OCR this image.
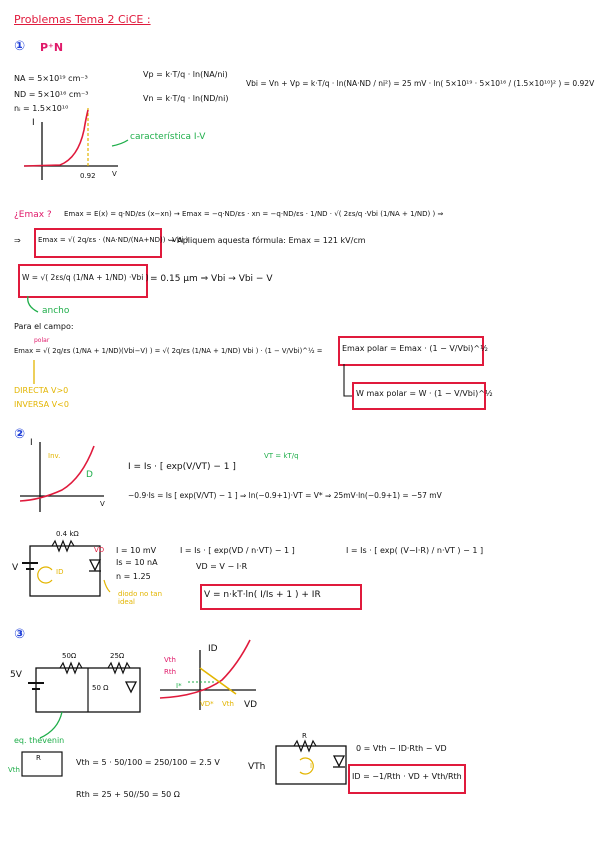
Problemas Tema 2 CiCE :
① P⁺N
NA = 5×10¹⁹ cm⁻³
ND = 5×10¹⁶ cm⁻³
nᵢ = 1.5×10¹⁰
Vp = k·T/q · ln(NA/ni)
Vn = k·T/q · ln(ND/ni)
Vbi = Vn + Vp = k·T/q · ln(NA·ND / ni²) = 25 mV · ln( 5×10¹⁹ · 5×10¹⁶ / (1.5×10¹⁰)² ) = 0.92V
I
V
0.92
característica I-V
¿Emax ? Emax = E(x) = q·ND/εs (x−xn) → Emax = −q·ND/εs · xn = −q·ND/εs · 1/ND · √( 2εs/q ·Vbi (1/NA + 1/ND) ) ⇒
⇒ Emax = √( 2q/εs · (NA·ND/(NA+ND)) · Vbi )
⇝ Apliquem aquesta fórmula: Emax = 121 kV/cm
W = √( 2εs/q (1/NA + 1/ND) ·Vbi ) = 0.15 μm ⇒ Vbi → Vbi − V
ancho
Para el campo:
polar
Emax = √( 2q/εs (1/NA + 1/ND)(Vbi−V) ) = √( 2q/εs (1/NA + 1/ND) Vbi ) · (1 − V/Vbi)^½ = Emax polar = Emax · (1 − V/Vbi)^½
W max polar = W · (1 − V/Vbi)^½
DIRECTA V>0
INVERSA V<0
②
I
Inv.
D
V
I = Is · [ exp(V/VT) − 1 ]
VT = kT/q
−0.9·Is = Is [ exp(V/VT) − 1 ] ⇒ ln(−0.9+1)·VT = V* ⇒ 25mV·ln(−0.9+1) = −57 mV
0.4 kΩ
VD
V	ID
I = 10 mV
Is = 10 nA
n = 1.25
diodo no tan ideal
I = Is · [ exp(VD / n·VT) − 1 ]
VD = V − I·R
I = Is · [ exp( (V−I·R) / n·VT ) − 1 ]
V = n·kT·ln( I/Is + 1 ) + IR
③
5V
50Ω	25Ω
50 Ω
ID
VD
Vth
Rth
I*
VD* Vth
eq. thevenin
Vth
R	Vth = 5 · 50/100 = 250/100 = 2.5 V
Rth = 25 + 50//50 = 50 Ω
VTh
R
I
0 = Vth − ID·Rth − VD
ID = −1/Rth · VD + Vth/Rth
